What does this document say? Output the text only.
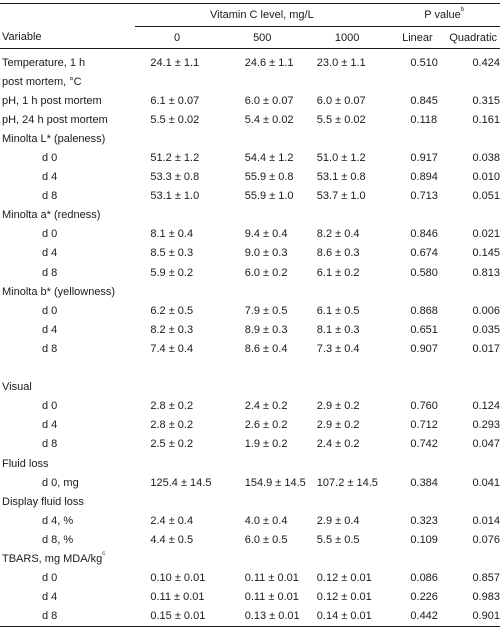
	Vitamin C level, mg/L			P value$^b$
Variable	0	500	1000	Linear	Quadratic
Temperature, 1 h	24.1 ± 1.1	24.6 ± 1.1	23.0 ± 1.1	0.510	0.424
post mortem, °C					
pH, 1 h post mortem	6.1 ± 0.07	6.0 ± 0.07	6.0 ± 0.07	0.845	0.315
pH, 24 h post mortem	5.5 ± 0.02	5.4 ± 0.02	5.5 ± 0.02	0.118	0.161
Minolta L* (paleness)					
d 0	51.2 ± 1.2	54.4 ± 1.2	51.0 ± 1.2	0.917	0.038
d 4	53.3 ± 0.8	55.9 ± 0.8	53.1 ± 0.8	0.894	0.010
d 8	53.1 ± 1.0	55.9 ± 1.0	53.7 ± 1.0	0.713	0.051
Minolta a* (redness)					
d 0	8.1 ± 0.4	9.4 ± 0.4	8.2 ± 0.4	0.846	0.021
d 4	8.5 ± 0.3	9.0 ± 0.3	8.6 ± 0.3	0.674	0.145
d 8	5.9 ± 0.2	6.0 ± 0.2	6.1 ± 0.2	0.580	0.813
Minolta b* (yellowness)					
d 0	6.2 ± 0.5	7.9 ± 0.5	6.1 ± 0.5	0.868	0.006
d 4	8.2 ± 0.3	8.9 ± 0.3	8.1 ± 0.3	0.651	0.035
d 8	7.4 ± 0.4	8.6 ± 0.4	7.3 ± 0.4	0.907	0.017

Visual					
d 0	2.8 ± 0.2	2.4 ± 0.2	2.9 ± 0.2	0.760	0.124
d 4	2.8 ± 0.2	2.6 ± 0.2	2.9 ± 0.2	0.712	0.293
d 8	2.5 ± 0.2	1.9 ± 0.2	2.4 ± 0.2	0.742	0.047
Fluid loss					
d 0, mg	125.4 ± 14.5	154.9 ± 14.5	107.2 ± 14.5	0.384	0.041
Display fluid loss					
d 4, %	2.4 ± 0.4	4.0 ± 0.4	2.9 ± 0.4	0.323	0.014
d 8, %	4.4 ± 0.5	6.0 ± 0.5	5.5 ± 0.5	0.109	0.076
TBARS, mg MDA/$kg^c$	
d 0	0.10 ± 0.01	0.11 ± 0.01	0.12 ± 0.01	0.086	0.857
d 4	0.11 ± 0.01	0.11 ± 0.01	0.12 ± 0.01	0.226	0.983
d 8	0.15 ± 0.01	0.13 ± 0.01	0.14 ± 0.01	0.442	0.901
